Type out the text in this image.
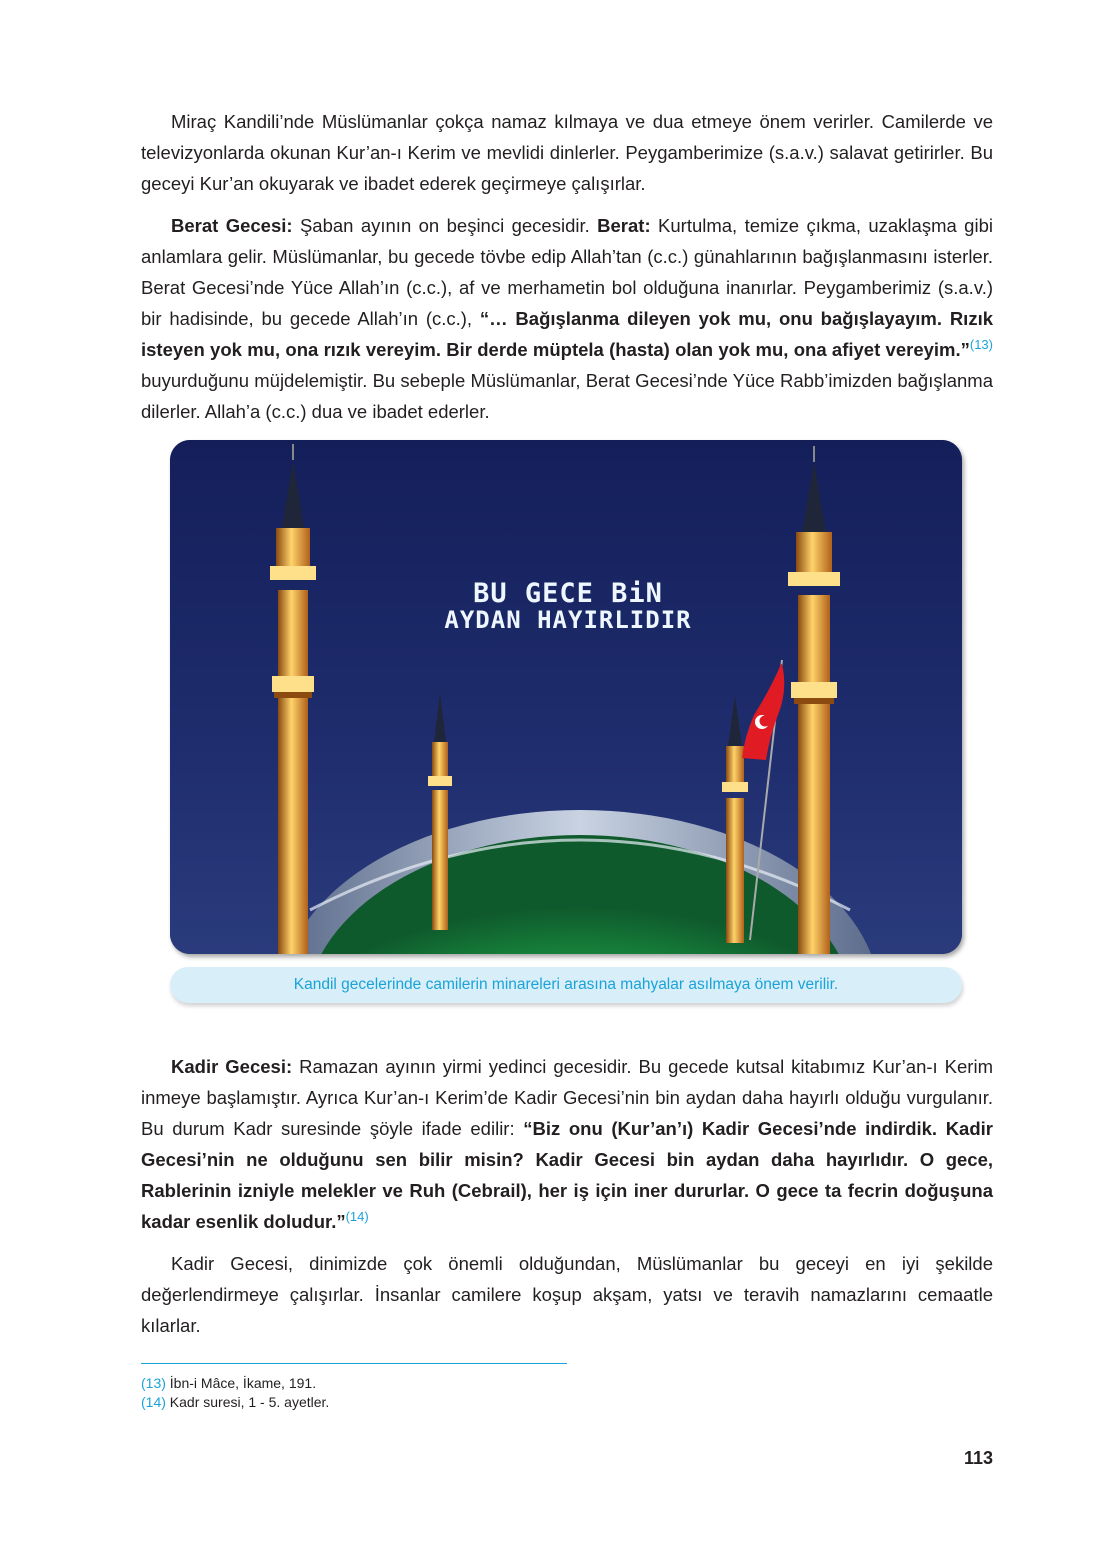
Miraç Kandili’nde Müslümanlar çokça namaz kılmaya ve dua etmeye önem verirler. Camilerde ve televizyonlarda okunan Kur’an-ı Kerim ve mevlidi dinlerler. Peygamberimize (s.a.v.) salavat getirirler. Bu geceyi Kur’an okuyarak ve ibadet ederek geçirmeye çalışırlar.

Berat Gecesi: Şaban ayının on beşinci gecesidir. Berat: Kurtulma, temize çıkma, uzaklaşma gibi anlamlara gelir. Müslümanlar, bu gecede tövbe edip Allah’tan (c.c.) günahlarının bağışlanmasını isterler. Berat Gecesi’nde Yüce Allah’ın (c.c.), af ve merhametin bol olduğuna inanırlar. Peygamberimiz (s.a.v.) bir hadisinde, bu gecede Allah’ın (c.c.), “… Bağışlanma dileyen yok mu, onu bağışlayayım. Rızık isteyen yok mu, ona rızık vereyim. Bir derde müptela (hasta) olan yok mu, ona afiyet vereyim.”$^{(13)}$ buyurduğunu müjdelemiştir. Bu sebeple Müslümanlar, Berat Gecesi’nde Yüce Rabb’imizden bağışlanma dilerler. Allah’a (c.c.) dua ve ibadet ederler.

BU GECE BiN
AYDAN HAYIRLIDIR
Kandil gecelerinde camilerin minareleri arasına mahyalar asılmaya önem verilir.

Kadir Gecesi: Ramazan ayının yirmi yedinci gecesidir. Bu gecede kutsal kitabımız Kur’an-ı Kerim inmeye başlamıştır. Ayrıca Kur’an-ı Kerim’de Kadir Gecesi’nin bin aydan daha hayırlı olduğu vurgulanır. Bu durum Kadr suresinde şöyle ifade edilir: “Biz onu (Kur’an’ı) Kadir Gecesi’nde indirdik. Kadir Gecesi’nin ne olduğunu sen bilir misin? Kadir Gecesi bin aydan daha hayırlıdır. O gece, Rablerinin izniyle melekler ve Ruh (Cebrail), her iş için iner dururlar. O gece ta fecrin doğuşuna kadar esenlik doludur.”$^{(14)}$

Kadir Gecesi, dinimizde çok önemli olduğundan, Müslümanlar bu geceyi en iyi şekilde değerlendirmeye çalışırlar. İnsanlar camilere koşup akşam, yatsı ve teravih namazlarını cemaatle kılarlar.

(13) İbn-i Mâce, İkame, 191.
(14) Kadr suresi, 1 - 5. ayetler.
113
